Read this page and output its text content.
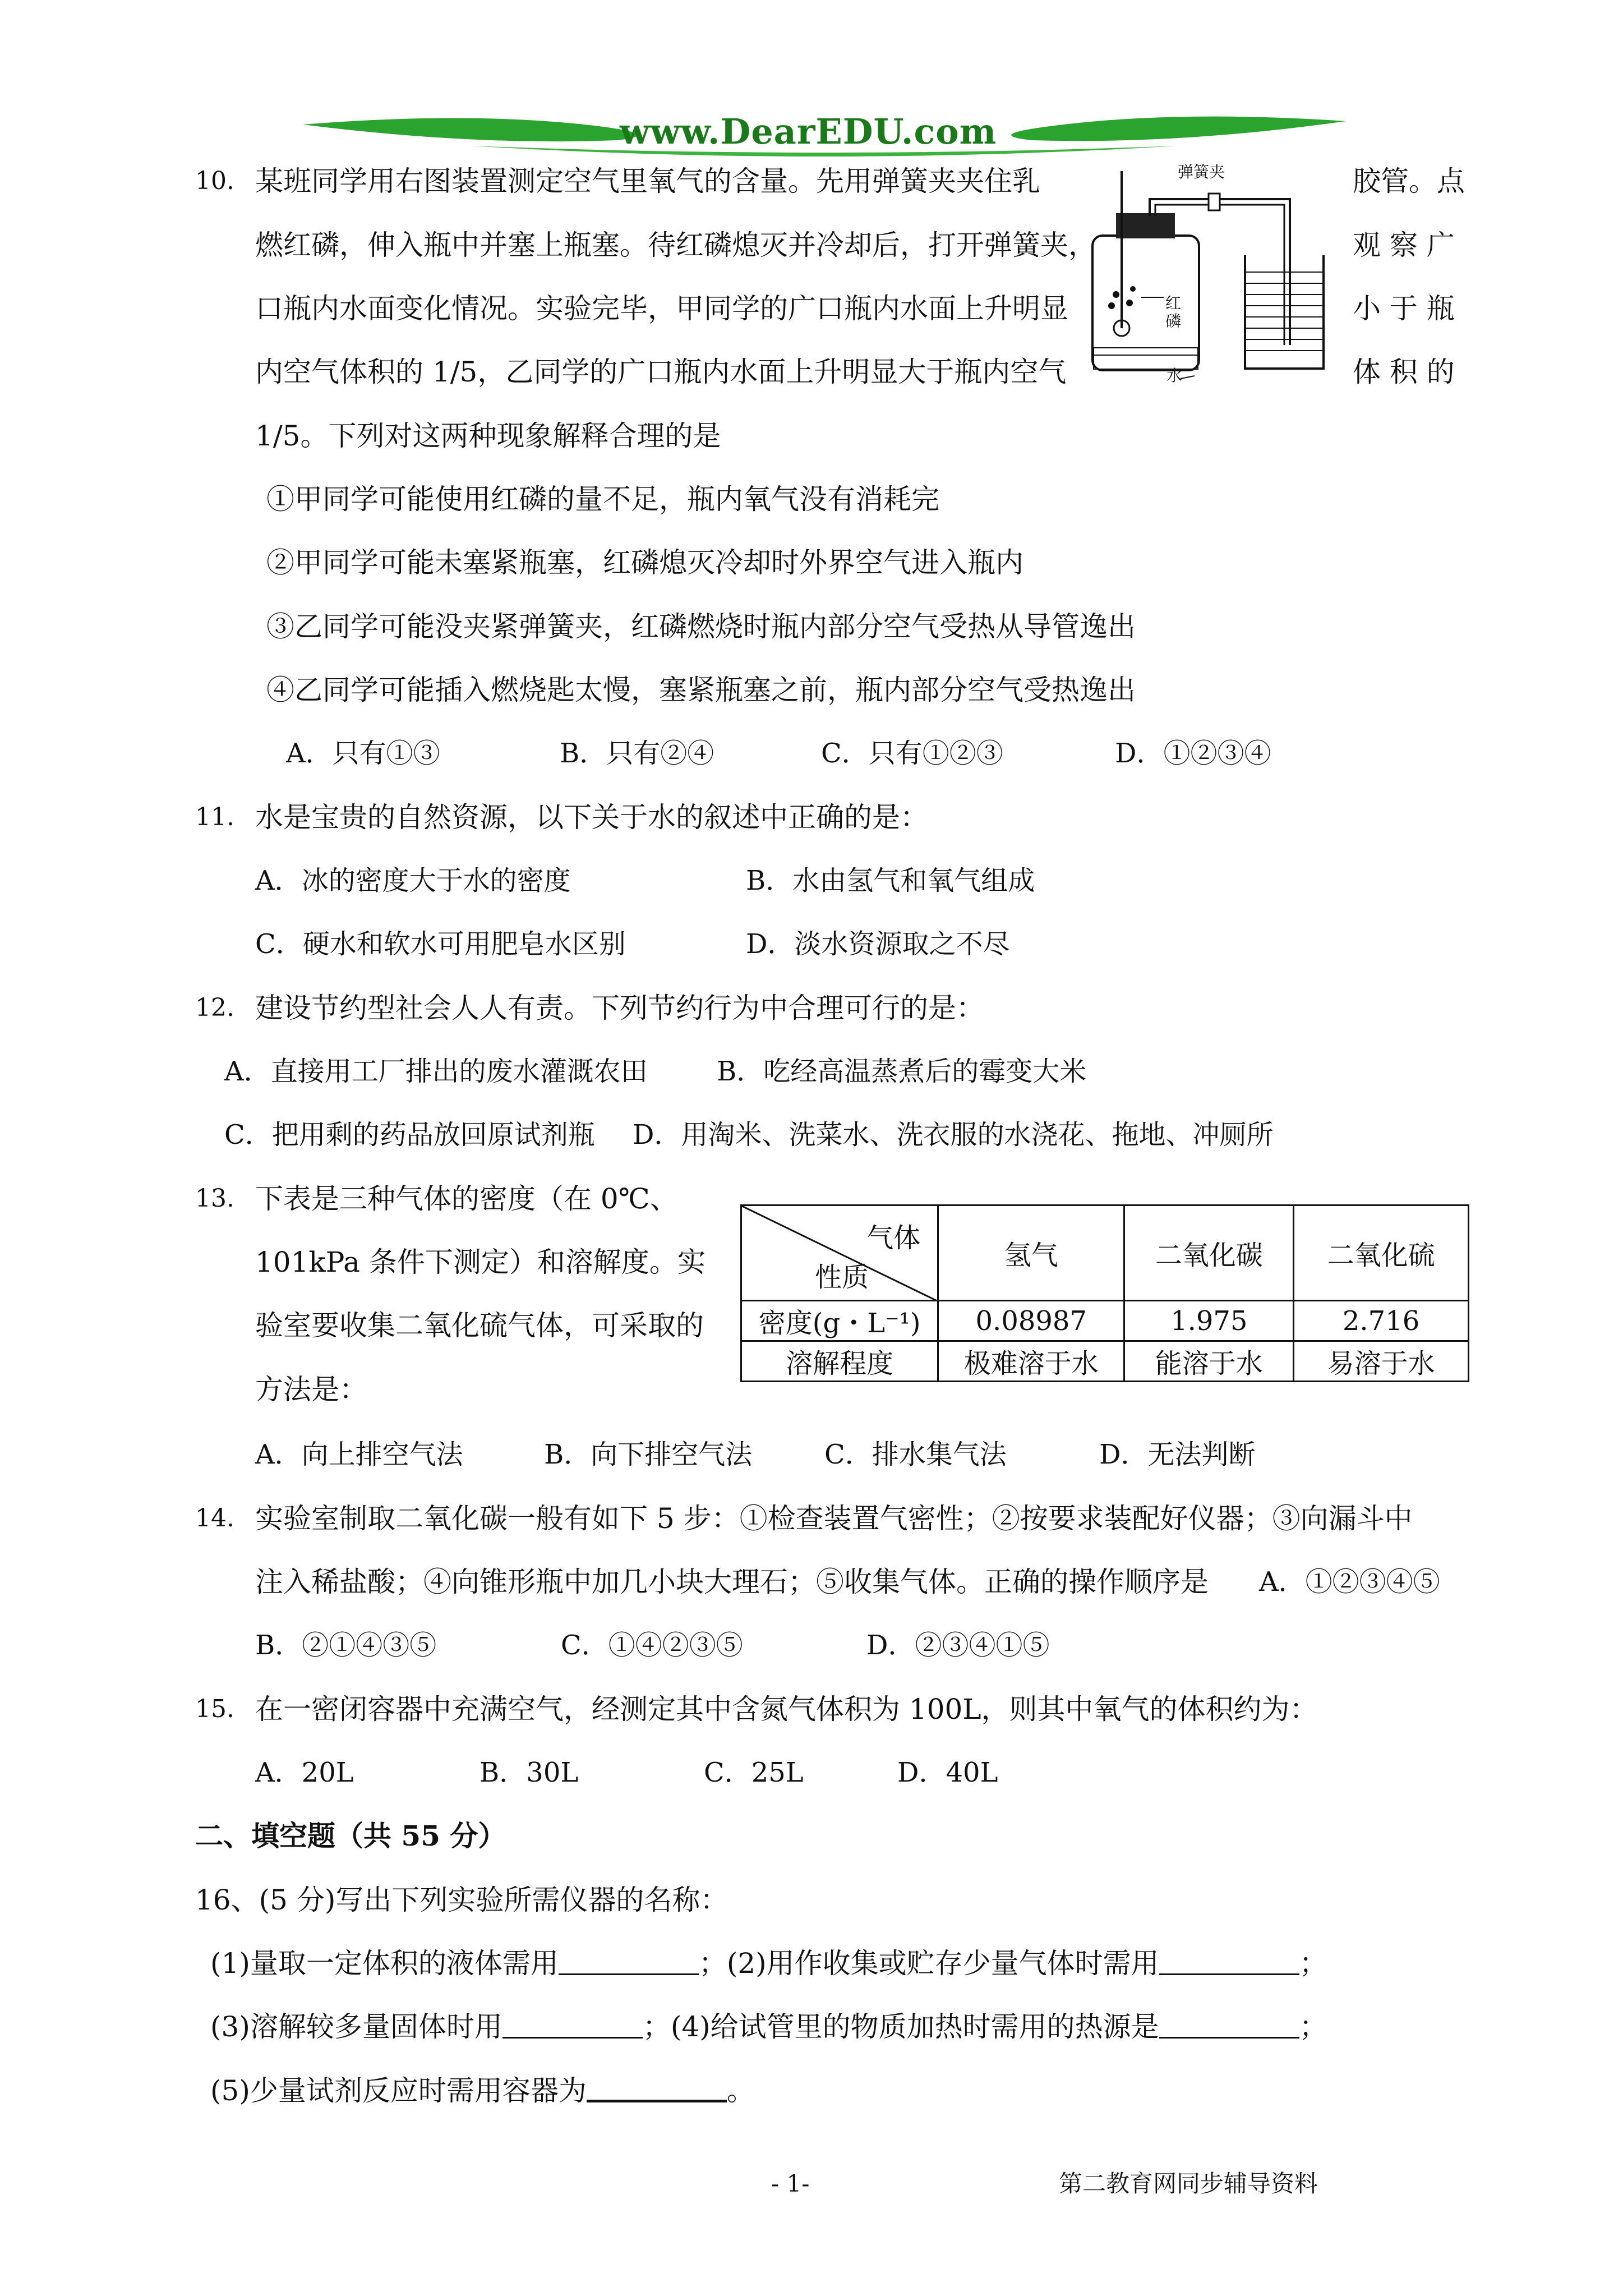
www.DearEDU.com
10. 某班同学用右图装置测定空气里氧气的含量。先用弹簧夹夹住乳
燃红磷，伸入瓶中并塞上瓶塞。待红磷熄灭并冷却后，打开弹簧夹，
口瓶内水面变化情况。实验完毕，甲同学的广口瓶内水面上升明显
内空气体积的 1/5，乙同学的广口瓶内水面上升明显大于瓶内空气
1/5。下列对这两种现象解释合理的是
胶管。点
观 察 广
小 于 瓶
体 积 的
弹簧夹
红磷
水
①甲同学可能使用红磷的量不足，瓶内氧气没有消耗完
②甲同学可能未塞紧瓶塞，红磷熄灭冷却时外界空气进入瓶内
③乙同学可能没夹紧弹簧夹，红磷燃烧时瓶内部分空气受热从导管逸出
④乙同学可能插入燃烧匙太慢，塞紧瓶塞之前，瓶内部分空气受热逸出
A．只有①③	B．只有②④	C．只有①②③	D．①②③④
11. 水是宝贵的自然资源，以下关于水的叙述中正确的是：
A．冰的密度大于水的密度	B．水由氢气和氧气组成
C．硬水和软水可用肥皂水区别	D．淡水资源取之不尽
12. 建设节约型社会人人有责。下列节约行为中合理可行的是：
A．直接用工厂排出的废水灌溉农田	B．吃经高温蒸煮后的霉变大米
C．把用剩的药品放回原试剂瓶 D．用淘米、洗菜水、洗衣服的水浇花、拖地、冲厕所
13. 下表是三种气体的密度（在 0℃、
101kPa 条件下测定）和溶解度。实
验室要收集二氧化硫气体，可采取的
方法是：
气体
性质	氢气	二氧化碳	二氧化硫
密度(g・L⁻¹)	0.08987	1.975	2.716
溶解程度	极难溶于水	能溶于水	易溶于水
A．向上排空气法	B．向下排空气法	C．排水集气法	D．无法判断
14. 实验室制取二氧化碳一般有如下 5 步：①检查装置气密性；②按要求装配好仪器；③向漏斗中
注入稀盐酸；④向锥形瓶中加几小块大理石；⑤收集气体。正确的操作顺序是 A．①②③④⑤
B．②①④③⑤	C．①④②③⑤	D．②③④①⑤
15. 在一密闭容器中充满空气，经测定其中含氮气体积为 100L，则其中氧气的体积约为：
A．20L	B．30L	C．25L	D．40L
二、填空题（共 55 分）
16、(5 分)写出下列实验所需仪器的名称：
(1)量取一定体积的液体需用	；(2)用作收集或贮存少量气体时需用	；
(3)溶解较多量固体时用	；(4)给试管里的物质加热时需用的热源是	；
(5)少量试剂反应时需用容器为	。
- 1-	第二教育网同步辅导资料
